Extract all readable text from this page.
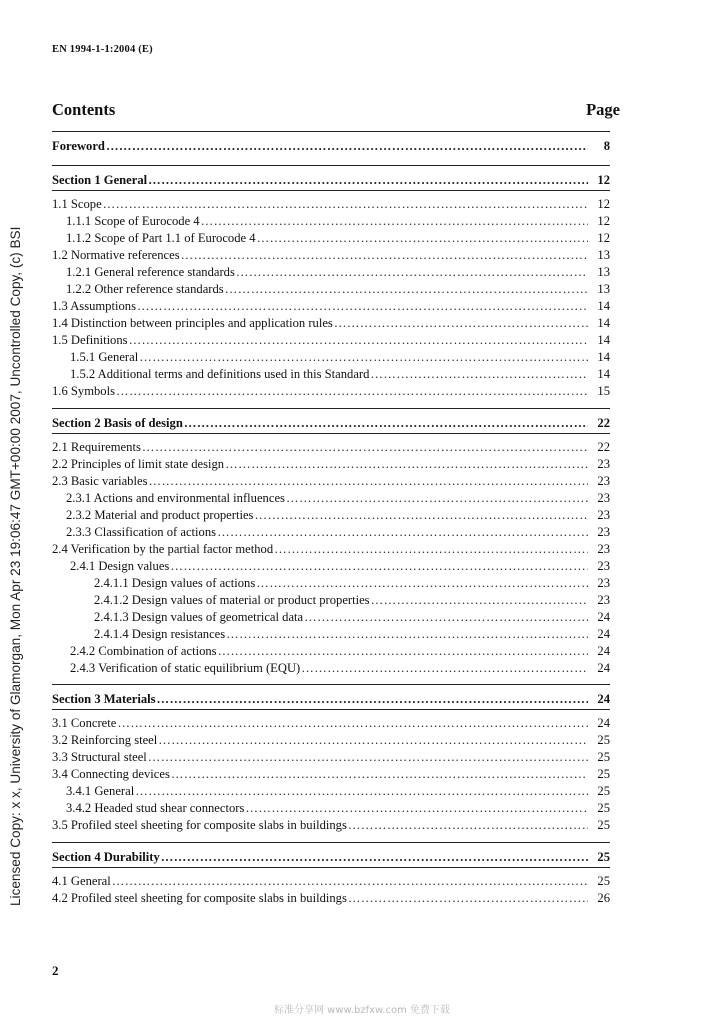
EN 1994-1-1:2004 (E)
Licensed Copy: x x, University of Glamorgan, Mon Apr 23 19:06:47 GMT+00:00 2007, Uncontrolled Copy, (c) BSI
Contents	Page
Foreword ………………………………………………………………………………………………………………………………………………………………	8
Section 1 General ………………………………………………………………………………………………………………………………………………………………	12
1.1 Scope ………………………………………………………………………………………………………………………………………………………………	12
1.1.1 Scope of Eurocode 4 ………………………………………………………………………………………………………………………………………………………………	12
1.1.2 Scope of Part 1.1 of Eurocode 4 ………………………………………………………………………………………………………………………………………………………………	12
1.2 Normative references ………………………………………………………………………………………………………………………………………………………………	13
1.2.1 General reference standards ………………………………………………………………………………………………………………………………………………………………	13
1.2.2 Other reference standards ………………………………………………………………………………………………………………………………………………………………	13
1.3 Assumptions ………………………………………………………………………………………………………………………………………………………………	14
1.4 Distinction between principles and application rules ………………………………………………………………………………………………………………………………………………………………	14
1.5 Definitions ………………………………………………………………………………………………………………………………………………………………	14
1.5.1 General ………………………………………………………………………………………………………………………………………………………………	14
1.5.2 Additional terms and definitions used in this Standard ………………………………………………………………………………………………………………………………………………………………	14
1.6 Symbols ………………………………………………………………………………………………………………………………………………………………	15
Section 2 Basis of design ………………………………………………………………………………………………………………………………………………………………	22
2.1 Requirements ………………………………………………………………………………………………………………………………………………………………	22
2.2 Principles of limit state design ………………………………………………………………………………………………………………………………………………………………	23
2.3 Basic variables ………………………………………………………………………………………………………………………………………………………………	23
2.3.1 Actions and environmental influences ………………………………………………………………………………………………………………………………………………………………	23
2.3.2 Material and product properties ………………………………………………………………………………………………………………………………………………………………	23
2.3.3 Classification of actions ………………………………………………………………………………………………………………………………………………………………	23
2.4 Verification by the partial factor method ………………………………………………………………………………………………………………………………………………………………	23
2.4.1 Design values ………………………………………………………………………………………………………………………………………………………………	23
2.4.1.1 Design values of actions ………………………………………………………………………………………………………………………………………………………………	23
2.4.1.2 Design values of material or product properties ………………………………………………………………………………………………………………………………………………………………	23
2.4.1.3 Design values of geometrical data ………………………………………………………………………………………………………………………………………………………………	24
2.4.1.4 Design resistances ………………………………………………………………………………………………………………………………………………………………	24
2.4.2 Combination of actions ………………………………………………………………………………………………………………………………………………………………	24
2.4.3 Verification of static equilibrium (EQU) ………………………………………………………………………………………………………………………………………………………………	24
Section 3 Materials ………………………………………………………………………………………………………………………………………………………………	24
3.1 Concrete ………………………………………………………………………………………………………………………………………………………………	24
3.2 Reinforcing steel ………………………………………………………………………………………………………………………………………………………………	25
3.3 Structural steel ………………………………………………………………………………………………………………………………………………………………	25
3.4 Connecting devices ………………………………………………………………………………………………………………………………………………………………	25
3.4.1 General ………………………………………………………………………………………………………………………………………………………………	25
3.4.2 Headed stud shear connectors ………………………………………………………………………………………………………………………………………………………………	25
3.5 Profiled steel sheeting for composite slabs in buildings ………………………………………………………………………………………………………………………………………………………………	25
Section 4 Durability ………………………………………………………………………………………………………………………………………………………………	25
4.1 General ………………………………………………………………………………………………………………………………………………………………	25
4.2 Profiled steel sheeting for composite slabs in buildings ………………………………………………………………………………………………………………………………………………………………	26
2
标准分享网 www.bzfxw.com 免费下载
